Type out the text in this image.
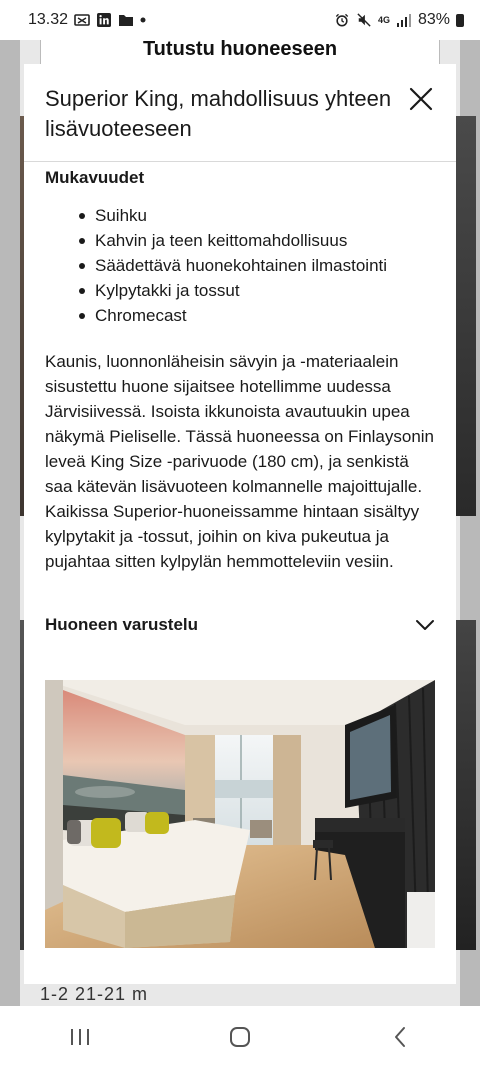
13.32	4G 83%
Tutustu huoneeseen
1-2 21-21 m
Superior King, mahdollisuus yhteen lisävuoteeseen
Mukavuudet
Suihku
Kahvin ja teen keittomahdollisuus
Säädettävä huonekohtainen ilmastointi
Kylpytakki ja tossut
Chromecast

Kaunis, luonnonläheisin sävyin ja -materiaalein sisustettu huone sijaitsee hotellimme uudessa Järvisiivessä. Isoista ikkunoista avautuukin upea näkymä Pieliselle. Tässä huoneessa on Finlaysonin leveä King Size -parivuode (180 cm), ja senkistä saa kätevän lisävuoteen kolmannelle majoittujalle. Kaikissa Superior-huoneissamme hintaan sisältyy kylpytakit ja -tossut, joihin on kiva pukeutua ja pujahtaa sitten kylpylän hemmotteleviin vesiin.

Huoneen varustelu
